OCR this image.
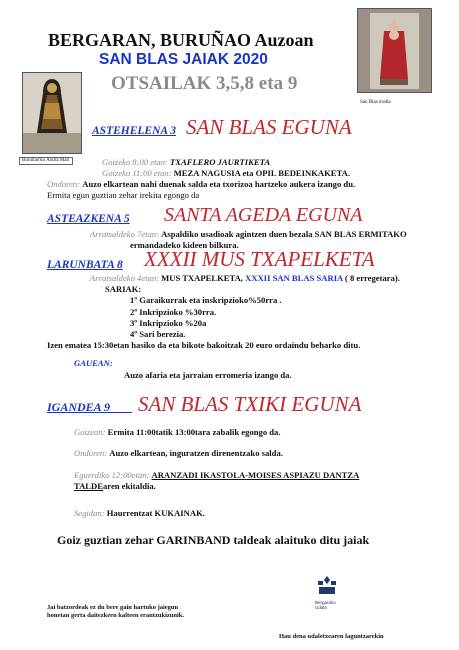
BERGARAN, BURUÑAO Auzoan
SAN BLAS JAIAK 2020
OTSAILAK 3,5,8 eta 9
Buruñao'ko Andra Mari
San Blas irudia
ASTEHELENA 3 SAN BLAS EGUNA
Goizeko 8:00 etan: TXAFLERO JAURTIKETA
Goizeko 11:00 etan: MEZA NAGUSIA eta OPIL BEDEINKAKETA.
Ondoren: Auzo elkartean nahi duenak salda eta txorizoa hartzeko aukera izango du.
Ermita egun guztian zehar irekita egongo da
ASTEAZKENA 5 SANTA AGEDA EGUNA
Arratsaldeko 7etan: Aspaldiko usadioak agintzen duen bezala SAN BLAS ERMITAKO
ermandadeko kideen bilkura.
LARUNBATA 8 XXXII MUS TXAPELKETA
Arratsaldeko 4etan: MUS TXAPELKETA, XXXII SAN BLAS SARIA ( 8 erregetara).
SARIAK:
1º Garaikurrak eta inskripzioko%50rra .
2º Inkripzioko %30rra.
3º Inkripzioko %20a
4º Sari berezia.
Izen ematea 15:30etan hasiko da eta bikote bakoitzak 20 euro ordaindu beharko ditu.
GAUEAN:
Auzo afaria eta jarraian erromeria izango da.
IGANDEA 9 SAN BLAS TXIKI EGUNA
Goizean: Ermita 11:00tatik 13:00tara zabalik egongo da.
Ondoren: Auzo elkartean, inguratzen direnentzako salda.
Eguerdiko 12:00etan: ARANZADI IKASTOLA-MOISES ASPIAZU DANTZA
TALDEaren ekitaldia.
Segidan: Haurrentzat KUKAINAK.
Goiz guztian zehar GARINBAND taldeak alaituko ditu jaiak
Bergarako
Udala
Jai batzordeak ez du bere gain hartuko jaiegun
honetan gerta daitezkeen kalteen erantzukizunik.
Hau dena udaletxearen laguntzarekin
